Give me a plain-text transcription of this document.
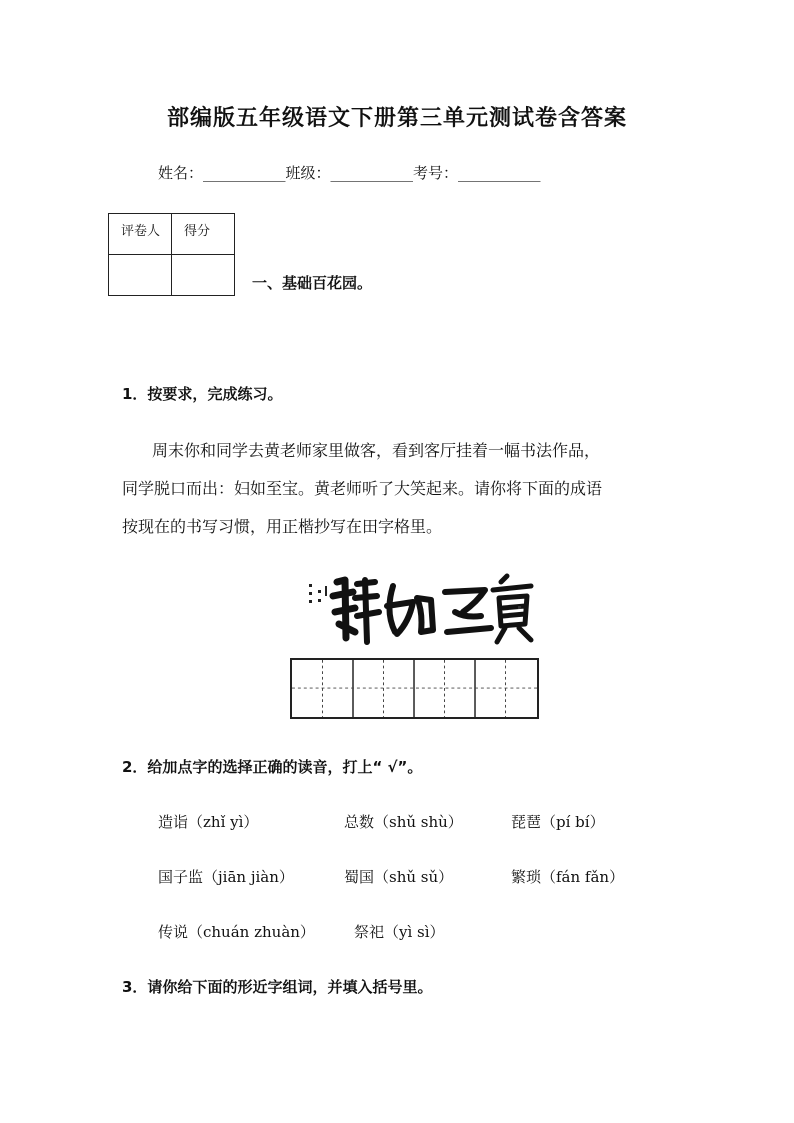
部编版五年级语文下册第三单元测试卷含答案
姓名：___________班级：___________考号：___________
评卷人	得分

一、基础百花园。
1．按要求，完成练习。
周末你和同学去黄老师家里做客，看到客厅挂着一幅书法作品，
同学脱口而出：妇如至宝。黄老师听了大笑起来。请你将下面的成语
按现在的书写习惯，用正楷抄写在田字格里。
2．给加点字的选择正确的读音，打上“ √”。
造诣（zhǐ yì）	总数（shǔ shù）	琵琶（pí bí）
国子监（jiān jiàn）	蜀国（shǔ sǔ）	繁琐（fán fǎn）
传说（chuán zhuàn）	祭祀（yì sì）
3．请你给下面的形近字组词，并填入括号里。
